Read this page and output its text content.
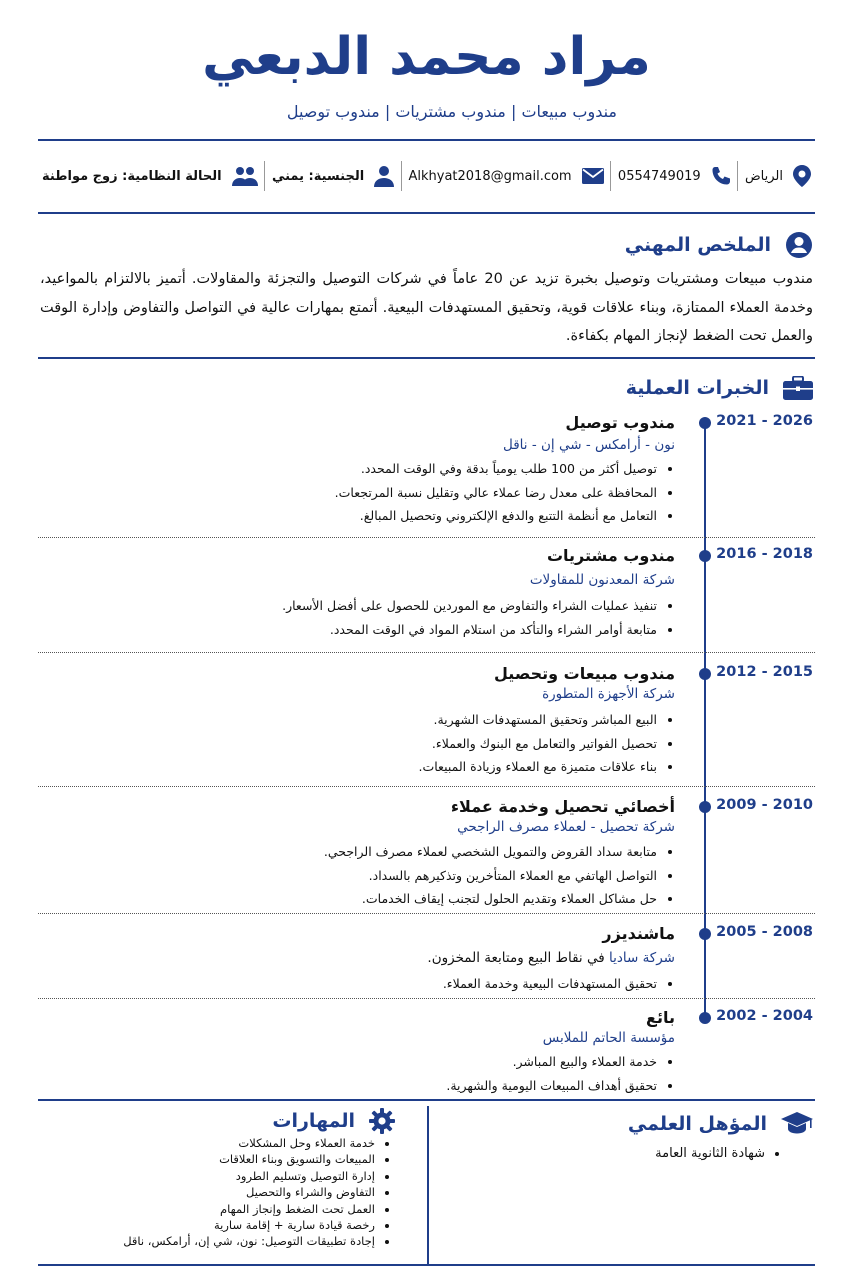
مراد محمد الدبعي
مندوب مبيعات | مندوب مشتريات | مندوب توصيل
الرياض
0554749019
Alkhyat2018@gmail.com
الجنسية: يمني
الحالة النظامية: زوج مواطنة
الملخص المهني

مندوب مبيعات ومشتريات وتوصيل بخبرة تزيد عن 20 عاماً في شركات التوصيل والتجزئة والمقاولات. أتميز بالالتزام بالمواعيد، وخدمة العملاء الممتازة، وبناء علاقات قوية، وتحقيق المستهدفات البيعية. أتمتع بمهارات عالية في التواصل والتفاوض وإدارة الوقت والعمل تحت الضغط لإنجاز المهام بكفاءة.

الخبرات العملية
2021 - 2026
مندوب توصيل
نون - أرامكس - شي إن - ناقل
• توصيل أكثر من 100 طلب يومياً بدقة وفي الوقت المحدد.
• المحافظة على معدل رضا عملاء عالي وتقليل نسبة المرتجعات.
• التعامل مع أنظمة التتبع والدفع الإلكتروني وتحصيل المبالغ.
2016 - 2018
مندوب مشتريات
شركة المعدنون للمقاولات
• تنفيذ عمليات الشراء والتفاوض مع الموردين للحصول على أفضل الأسعار.
• متابعة أوامر الشراء والتأكد من استلام المواد في الوقت المحدد.
2012 - 2015
مندوب مبيعات وتحصيل
شركة الأجهزة المتطورة
• البيع المباشر وتحقيق المستهدفات الشهرية.
• تحصيل الفواتير والتعامل مع البنوك والعملاء.
• بناء علاقات متميزة مع العملاء وزيادة المبيعات.
2009 - 2010
أخصائي تحصيل وخدمة عملاء
شركة تحصيل - لعملاء مصرف الراجحي
• متابعة سداد القروض والتمويل الشخصي لعملاء مصرف الراجحي.
• التواصل الهاتفي مع العملاء المتأخرين وتذكيرهم بالسداد.
• حل مشاكل العملاء وتقديم الحلول لتجنب إيقاف الخدمات.
2005 - 2008
ماشنديزر
شركة ساديا في نقاط البيع ومتابعة المخزون.
• تحقيق المستهدفات البيعية وخدمة العملاء.
2002 - 2004
بائع
مؤسسة الحاتم للملابس
• خدمة العملاء والبيع المباشر.
• تحقيق أهداف المبيعات اليومية والشهرية.
المؤهل العلمي
• شهادة الثانوية العامة
المهارات
• خدمة العملاء وحل المشكلات
• المبيعات والتسويق وبناء العلاقات
• إدارة التوصيل وتسليم الطرود
• التفاوض والشراء والتحصيل
• العمل تحت الضغط وإنجاز المهام
• رخصة قيادة سارية + إقامة سارية
• إجادة تطبيقات التوصيل: نون، شي إن، أرامكس، ناقل
